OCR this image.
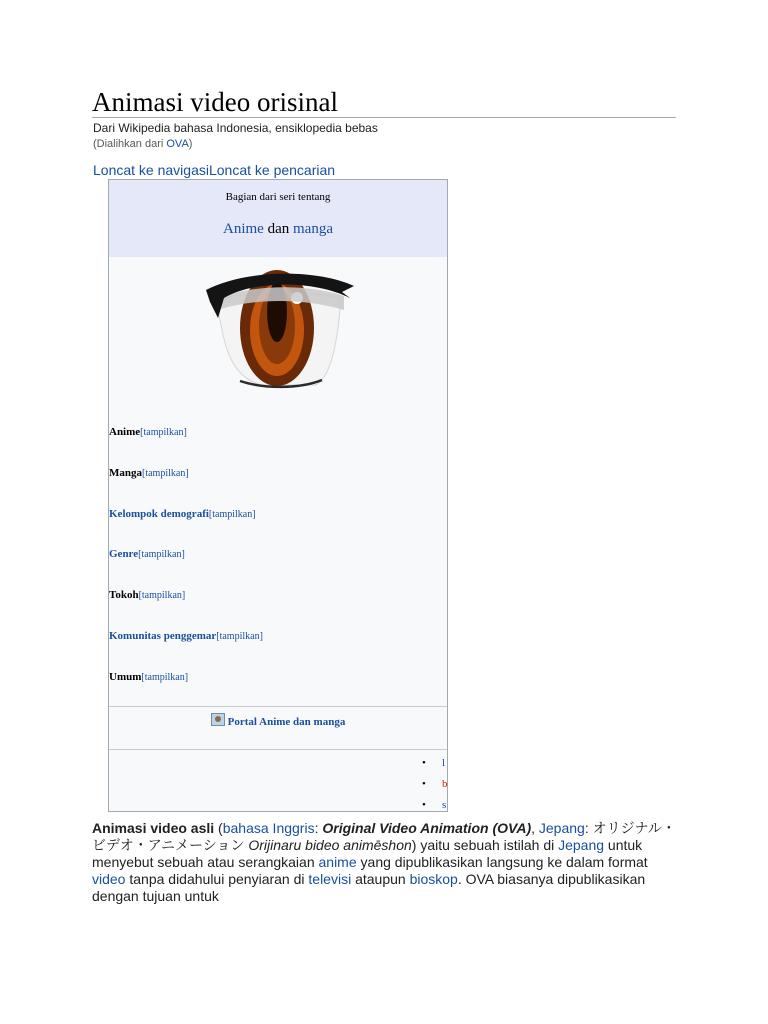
Animasi video orisinal
Dari Wikipedia bahasa Indonesia, ensiklopedia bebas
(Dialihkan dari OVA)
Loncat ke navigasiLoncat ke pencarian
Bagian dari seri tentang
Anime dan manga
Anime[tampilkan]
Manga[tampilkan]
Kelompok demografi[tampilkan]
Genre[tampilkan]
Tokoh[tampilkan]
Komunitas penggemar[tampilkan]
Umum[tampilkan]
Portal Anime dan manga
• l
• b
• s

Animasi video asli (bahasa Inggris: Original Video Animation (OVA), Jepang: オリジナル・ビデオ・アニメーション Orijinaru bideo animēshon) yaitu sebuah istilah di Jepang untuk menyebut sebuah atau serangkaian anime yang dipublikasikan langsung ke dalam format video tanpa didahului penyiaran di televisi ataupun bioskop. OVA biasanya dipublikasikan dengan tujuan untuk
